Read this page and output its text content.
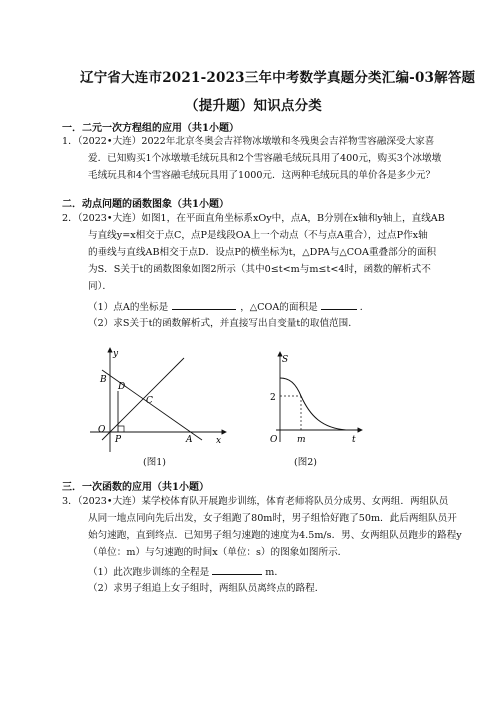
辽宁省大连市2021-2023三年中考数学真题分类汇编-03解答题
（提升题）知识点分类
一．二元一次方程组的应用（共1小题）
1．（2022•大连）2022年北京冬奥会吉祥物冰墩墩和冬残奥会吉祥物雪容融深受大家喜
爱．已知购买1个冰墩墩毛绒玩具和2个雪容融毛绒玩具用了400元，购买3个冰墩墩
毛绒玩具和4个雪容融毛绒玩具用了1000元．这两种毛绒玩具的单价各是多少元？
二．动点问题的函数图象（共1小题）
2．（2023•大连）如图1，在平面直角坐标系xOy中，点A，B分别在x轴和y轴上，直线AB
与直线y=x相交于点C，点P是线段OA上一个动点（不与点A重合），过点P作x轴
的垂线与直线AB相交于点D．设点P的横坐标为t，△DPA与△COA重叠部分的面积
为S．S关于t的函数图象如图2所示（其中0≤t<m与m≤t<4时，函数的解析式不
同）．
（1）点A的坐标是	，△COA的面积是	．
（2）求S关于t的函数解析式，并直接写出自变量t的取值范围．
y
x
O
B
D
C
P	A
(图1)
S
2
O m	t
(图2)
三．一次函数的应用（共1小题）
3．（2023•大连）某学校体育队开展跑步训练，体育老师将队员分成男、女两组．两组队员
从同一地点同向先后出发，女子组跑了80m时，男子组恰好跑了50m．此后两组队员开
始匀速跑，直到终点．已知男子组匀速跑的速度为4.5m/s．男、女两组队员跑步的路程y
（单位：m）与匀速跑的时间x（单位：s）的图象如图所示．
（1）此次跑步训练的全程是	m．
（2）求男子组追上女子组时，两组队员离终点的路程．
